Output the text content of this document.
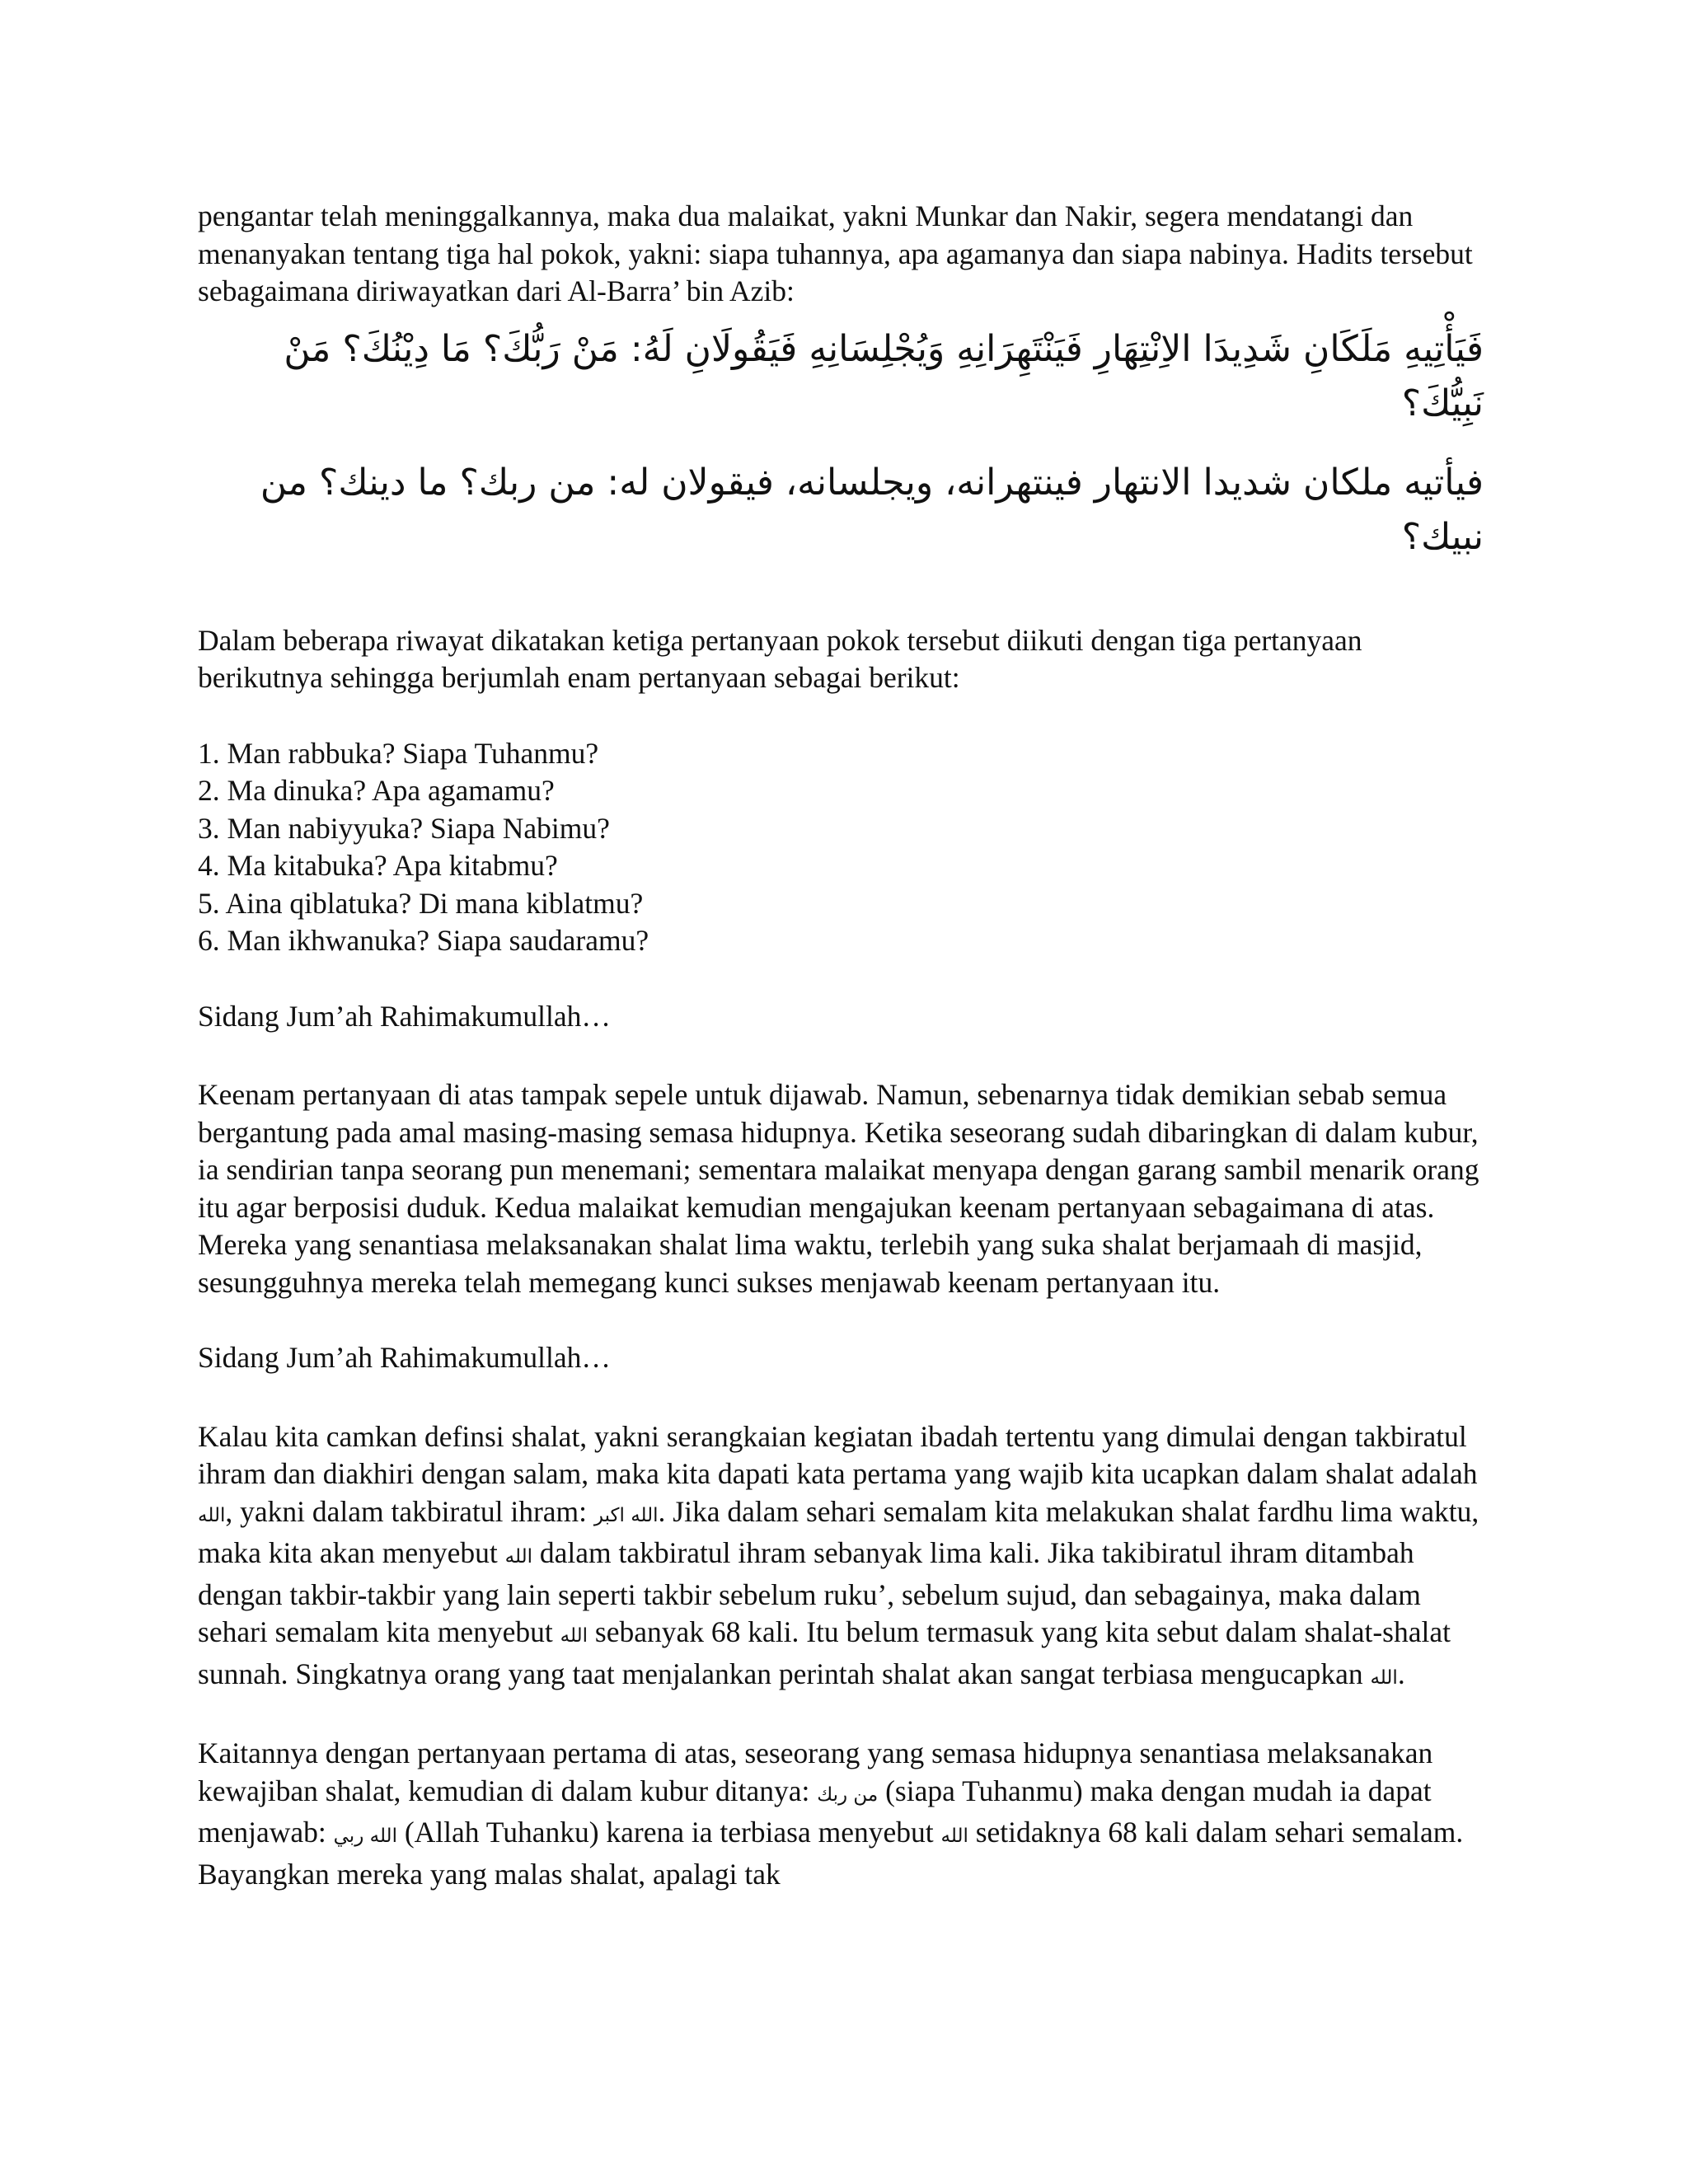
pengantar telah meninggalkannya, maka dua malaikat, yakni Munkar dan Nakir, segera mendatangi dan menanyakan tentang tiga hal pokok, yakni: siapa tuhannya, apa agamanya dan siapa nabinya. Hadits tersebut sebagaimana diriwayatkan dari Al-Barra’ bin Azib:

فَيَأْتِيهِ مَلَكَانِ شَدِيدَا الاِنْتِهَارِ فَيَنْتَهِرَانِهِ وَيُجْلِسَانِهِ فَيَقُولَانِ لَهُ: مَنْ رَبُّكَ؟ مَا دِيْنُكَ؟ مَنْ نَبِيُّكَ؟

فيأتيه ملكان شديدا الانتهار فينتهرانه، ويجلسانه، فيقولان له: من ربك؟ ما دينك؟ من نبيك؟

Dalam beberapa riwayat dikatakan ketiga pertanyaan pokok tersebut diikuti dengan tiga pertanyaan berikutnya sehingga berjumlah enam pertanyaan sebagai berikut:

1. Man rabbuka? Siapa Tuhanmu?
2. Ma dinuka? Apa agamamu?
3. Man nabiyyuka? Siapa Nabimu?
4. Ma kitabuka? Apa kitabmu?
5. Aina qiblatuka? Di mana kiblatmu?
6. Man ikhwanuka? Siapa saudaramu?

Sidang Jum’ah Rahimakumullah…

Keenam pertanyaan di atas tampak sepele untuk dijawab. Namun, sebenarnya tidak demikian sebab semua bergantung pada amal masing-masing semasa hidupnya. Ketika seseorang sudah dibaringkan di dalam kubur, ia sendirian tanpa seorang pun menemani; sementara malaikat menyapa dengan garang sambil menarik orang itu agar berposisi duduk. Kedua malaikat kemudian mengajukan keenam pertanyaan sebagaimana di atas. Mereka yang senantiasa melaksanakan shalat lima waktu, terlebih yang suka shalat berjamaah di masjid, sesungguhnya mereka telah memegang kunci sukses menjawab keenam pertanyaan itu.

Sidang Jum’ah Rahimakumullah…

Kalau kita camkan definsi shalat, yakni serangkaian kegiatan ibadah tertentu yang dimulai dengan takbiratul ihram dan diakhiri dengan salam, maka kita dapati kata pertama yang wajib kita ucapkan dalam shalat adalah الله, yakni dalam takbiratul ihram: الله اكبر. Jika dalam sehari semalam kita melakukan shalat fardhu lima waktu, maka kita akan menyebut الله dalam takbiratul ihram sebanyak lima kali. Jika takibiratul ihram ditambah dengan takbir-takbir yang lain seperti takbir sebelum ruku’, sebelum sujud, dan sebagainya, maka dalam sehari semalam kita menyebut الله sebanyak 68 kali. Itu belum termasuk yang kita sebut dalam shalat-shalat sunnah. Singkatnya orang yang taat menjalankan perintah shalat akan sangat terbiasa mengucapkan الله.

Kaitannya dengan pertanyaan pertama di atas, seseorang yang semasa hidupnya senantiasa melaksanakan kewajiban shalat, kemudian di dalam kubur ditanya: من ربك (siapa Tuhanmu) maka dengan mudah ia dapat menjawab: الله ربي (Allah Tuhanku) karena ia terbiasa menyebut الله setidaknya 68 kali dalam sehari semalam. Bayangkan mereka yang malas shalat, apalagi tak
